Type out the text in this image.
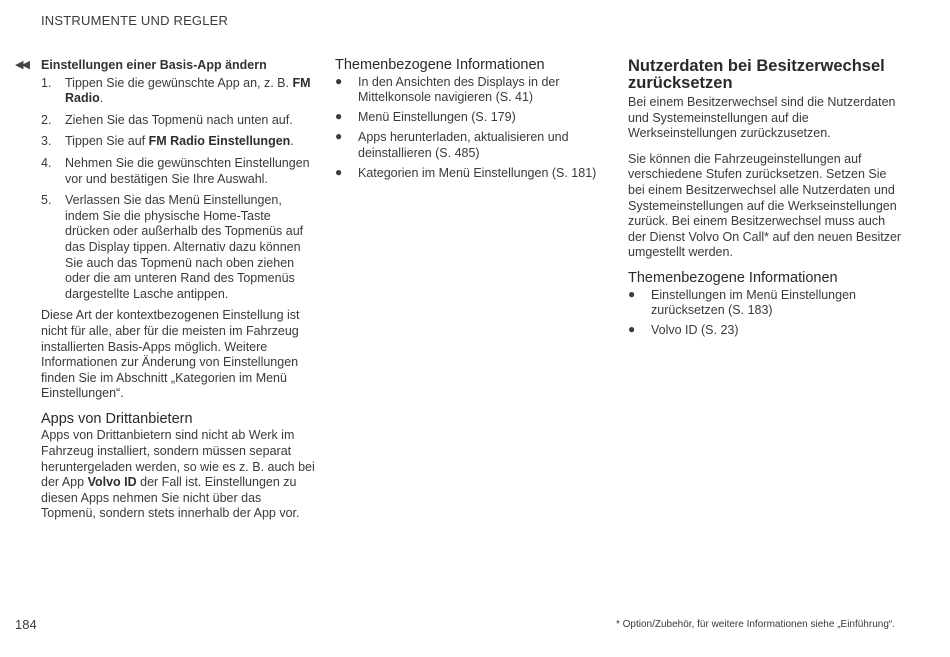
INSTRUMENTE UND REGLER
◀◀ Einstellungen einer Basis-App ändern
1. Tippen Sie die gewünschte App an, z. B. FM Radio.
2. Ziehen Sie das Topmenü nach unten auf.
3. Tippen Sie auf FM Radio Einstellungen.
4. Nehmen Sie die gewünschten Einstellungen vor und bestätigen Sie Ihre Auswahl.
5. Verlassen Sie das Menü Einstellungen, indem Sie die physische Home-Taste drücken oder außerhalb des Topmenüs auf das Display tippen. Alternativ dazu können Sie auch das Topmenü nach oben ziehen oder die am unteren Rand des Topmenüs dargestellte Lasche antippen.

Diese Art der kontextbezogenen Einstellung ist nicht für alle, aber für die meisten im Fahrzeug installierten Basis-Apps möglich. Weitere Informationen zur Änderung von Einstellungen finden Sie im Abschnitt „Kategorien im Menü Einstellungen“.

Apps von Drittanbietern

Apps von Drittanbietern sind nicht ab Werk im Fahrzeug installiert, sondern müssen separat heruntergeladen werden, so wie es z. B. auch bei der App Volvo ID der Fall ist. Einstellungen zu diesen Apps nehmen Sie nicht über das Topmenü, sondern stets innerhalb der App vor.

Themenbezogene Informationen
● In den Ansichten des Displays in der Mittelkonsole navigieren (S. 41)
● Menü Einstellungen (S. 179)
● Apps herunterladen, aktualisieren und deinstallieren (S. 485)
● Kategorien im Menü Einstellungen (S. 181)
Nutzerdaten bei Besitzerwechsel zurücksetzen

Bei einem Besitzerwechsel sind die Nutzerdaten und Systemeinstellungen auf die Werkseinstellungen zurückzusetzen.

Sie können die Fahrzeugeinstellungen auf verschiedene Stufen zurücksetzen. Setzen Sie bei einem Besitzerwechsel alle Nutzerdaten und Systemeinstellungen auf die Werkseinstellungen zurück. Bei einem Besitzerwechsel muss auch der Dienst Volvo On Call* auf den neuen Besitzer umgestellt werden.

Themenbezogene Informationen
● Einstellungen im Menü Einstellungen zurücksetzen (S. 183)
● Volvo ID (S. 23)
184	* Option/Zubehör, für weitere Informationen siehe „Einführung“.
